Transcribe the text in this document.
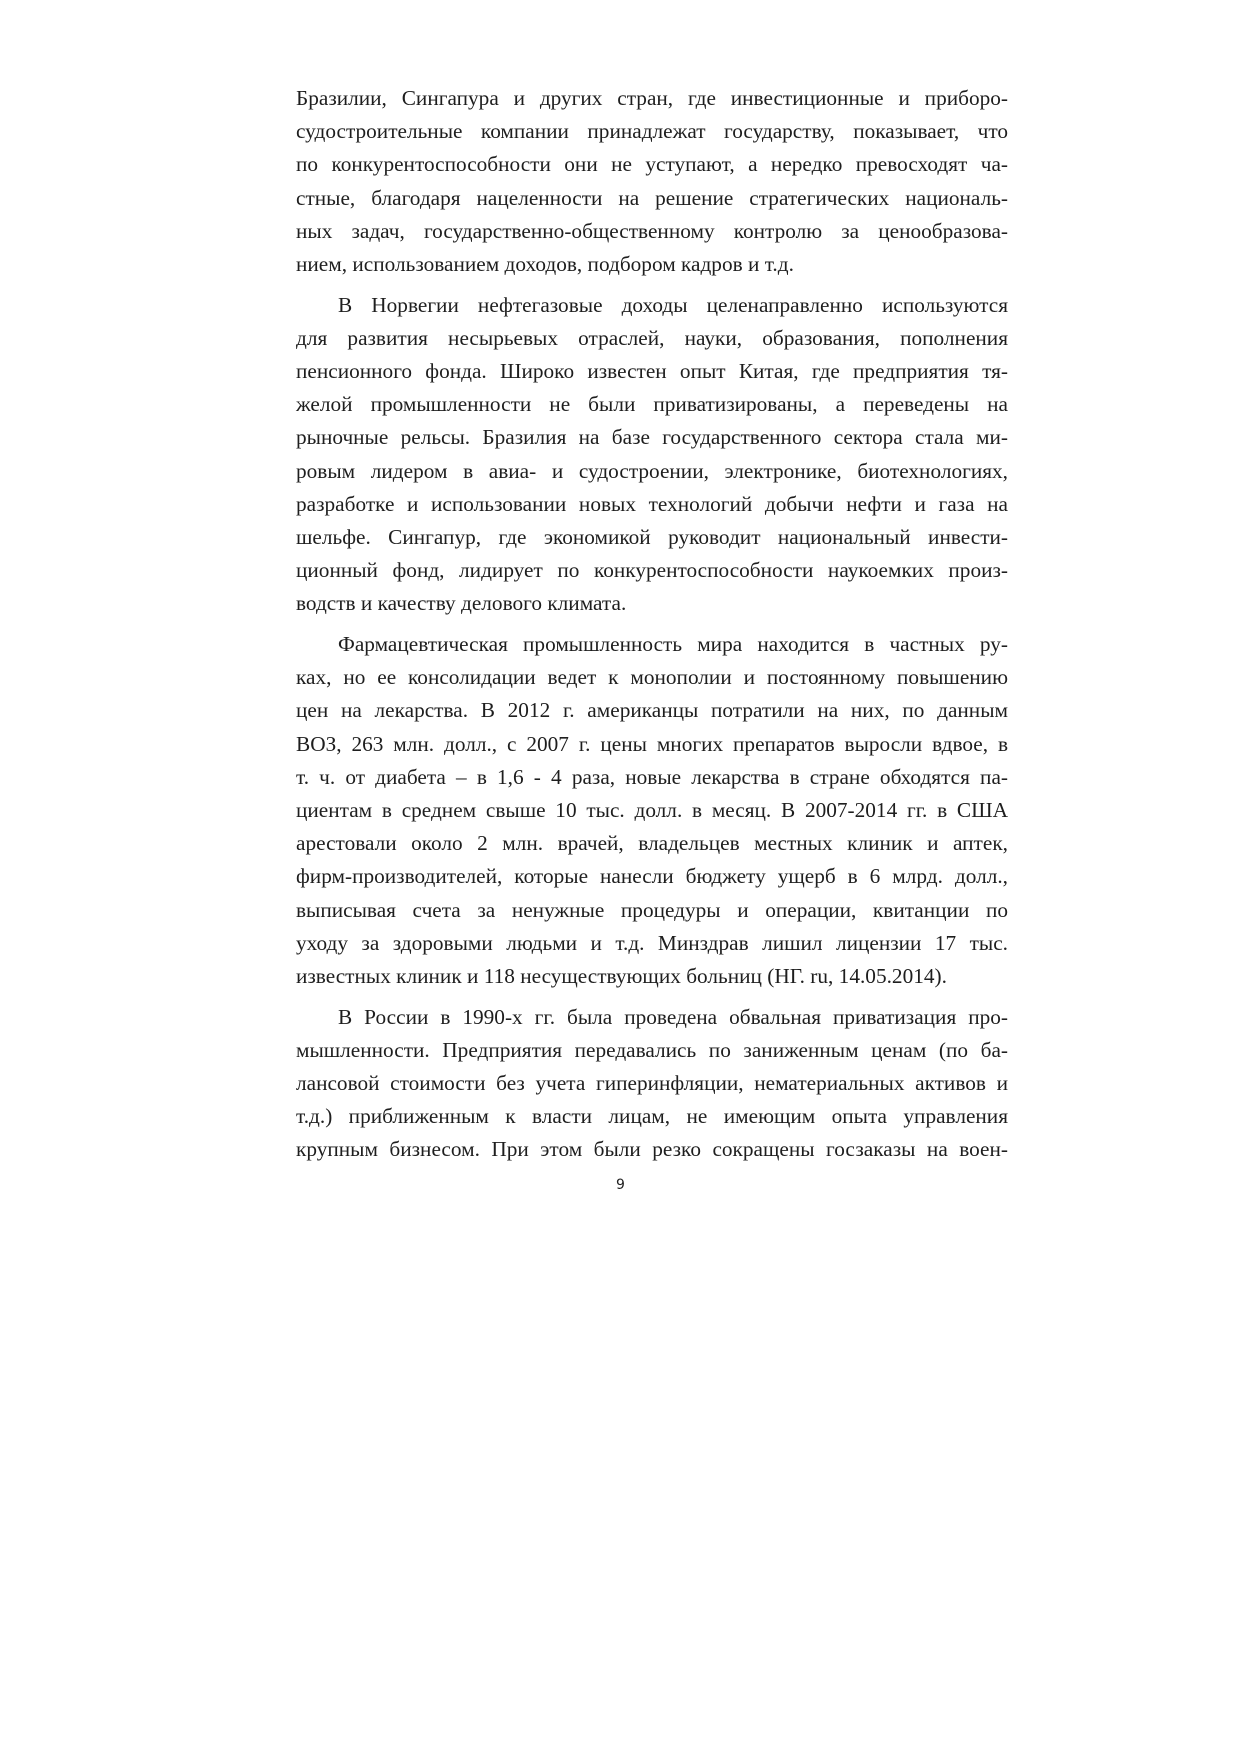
Бразилии, Сингапура и других стран, где инвестиционные и приборо-
судостроительные компании принадлежат государству, показывает, что
по конкурентоспособности они не уступают, а нередко превосходят ча-
стные, благодаря нацеленности на решение стратегических националь-
ных задач, государственно-общественному контролю за ценообразова-
нием, использованием доходов, подбором кадров и т.д.
В Норвегии нефтегазовые доходы целенаправленно используются
для развития несырьевых отраслей, науки, образования, пополнения
пенсионного фонда. Широко известен опыт Китая, где предприятия тя-
желой промышленности не были приватизированы, а переведены на
рыночные рельсы. Бразилия на базе государственного сектора стала ми-
ровым лидером в авиа- и судостроении, электронике, биотехнологиях,
разработке и использовании новых технологий добычи нефти и газа на
шельфе. Сингапур, где экономикой руководит национальный инвести-
ционный фонд, лидирует по конкурентоспособности наукоемких произ-
водств и качеству делового климата.
Фармацевтическая промышленность мира находится в частных ру-
ках, но ее консолидации ведет к монополии и постоянному повышению
цен на лекарства. В 2012 г. американцы потратили на них, по данным
ВОЗ, 263 млн. долл., с 2007 г. цены многих препаратов выросли вдвое, в
т. ч. от диабета – в 1,6 - 4 раза, новые лекарства в стране обходятся па-
циентам в среднем свыше 10 тыс. долл. в месяц. В 2007-2014 гг. в США
арестовали около 2 млн. врачей, владельцев местных клиник и аптек,
фирм-производителей, которые нанесли бюджету ущерб в 6 млрд. долл.,
выписывая счета за ненужные процедуры и операции, квитанции по
уходу за здоровыми людьми и т.д. Минздрав лишил лицензии 17 тыс.
известных клиник и 118 несуществующих больниц (НГ. ru, 14.05.2014).
В России в 1990-х гг. была проведена обвальная приватизация про-
мышленности. Предприятия передавались по заниженным ценам (по ба-
лансовой стоимости без учета гиперинфляции, нематериальных активов и
т.д.) приближенным к власти лицам, не имеющим опыта управления
крупным бизнесом. При этом были резко сокращены госзаказы на воен-
9
